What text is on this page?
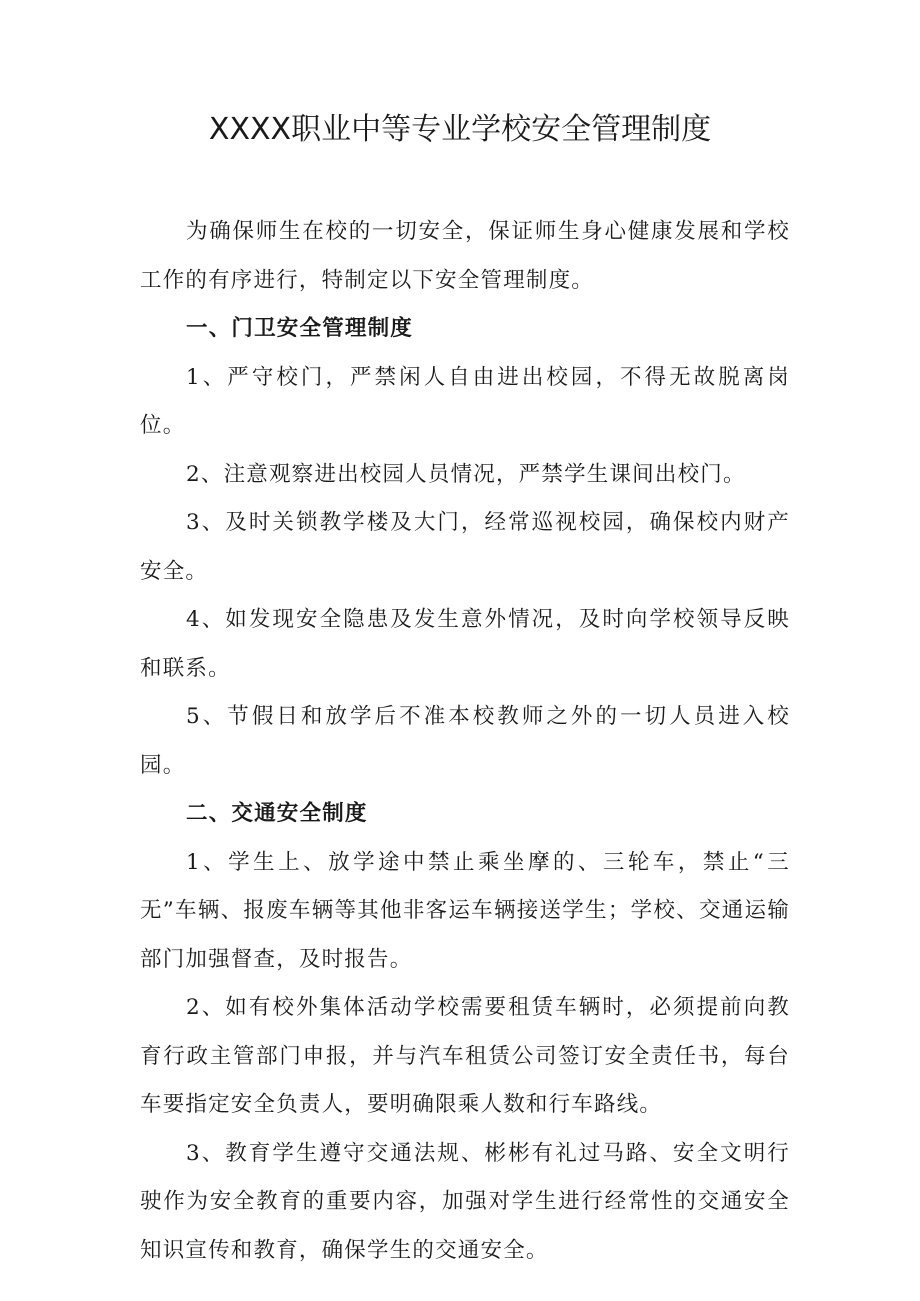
XXXX职业中等专业学校安全管理制度

为确保师生在校的一切安全，保证师生身心健康发展和学校工作的有序进行，特制定以下安全管理制度。

一、门卫安全管理制度

1、严守校门，严禁闲人自由进出校园，不得无故脱离岗位。

2、注意观察进出校园人员情况，严禁学生课间出校门。

3、及时关锁教学楼及大门，经常巡视校园，确保校内财产安全。

4、如发现安全隐患及发生意外情况，及时向学校领导反映和联系。

5、节假日和放学后不准本校教师之外的一切人员进入校园。

二、交通安全制度

1、学生上、放学途中禁止乘坐摩的、三轮车，禁止“三无”车辆、报废车辆等其他非客运车辆接送学生；学校、交通运输部门加强督查，及时报告。

2、如有校外集体活动学校需要租赁车辆时，必须提前向教育行政主管部门申报，并与汽车租赁公司签订安全责任书，每台车要指定安全负责人，要明确限乘人数和行车路线。

3、教育学生遵守交通法规、彬彬有礼过马路、安全文明行驶作为安全教育的重要内容，加强对学生进行经常性的交通安全知识宣传和教育，确保学生的交通安全。
